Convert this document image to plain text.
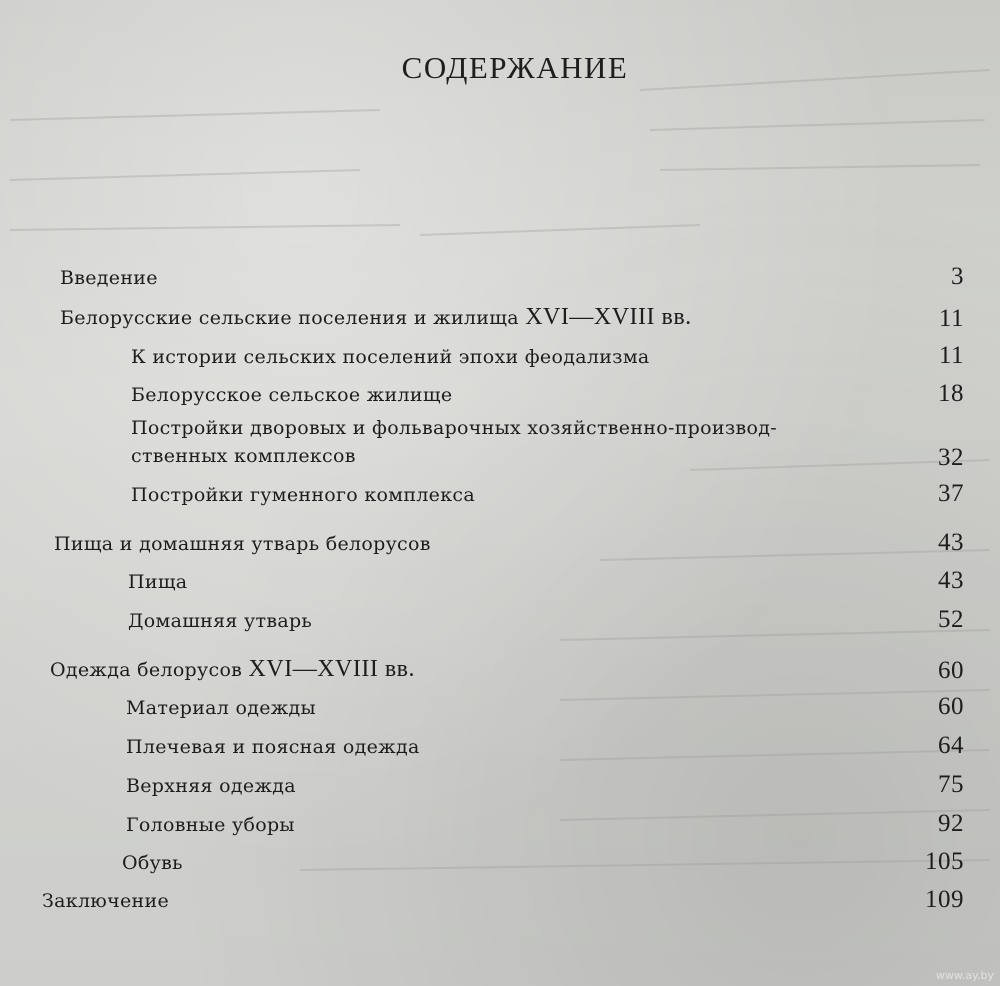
СОДЕРЖАНИЕ
Введение	3
Белорусские сельские поселения и жилища XVI—XVIII вв.	11
К истории сельских поселений эпохи феодализма	11
Белорусское сельское жилище	18
Постройки дворовых и фольварочных хозяйственно-производ-
ственных комплексов	32
Постройки гуменного комплекса	37
Пища и домашняя утварь белорусов	43
Пища	43
Домашняя утварь	52
Одежда белорусов XVI—XVIII вв.	60
Материал одежды	60
Плечевая и поясная одежда	64
Верхняя одежда	75
Головные уборы	92
Обувь	105
Заключение	109
www.ay.by
